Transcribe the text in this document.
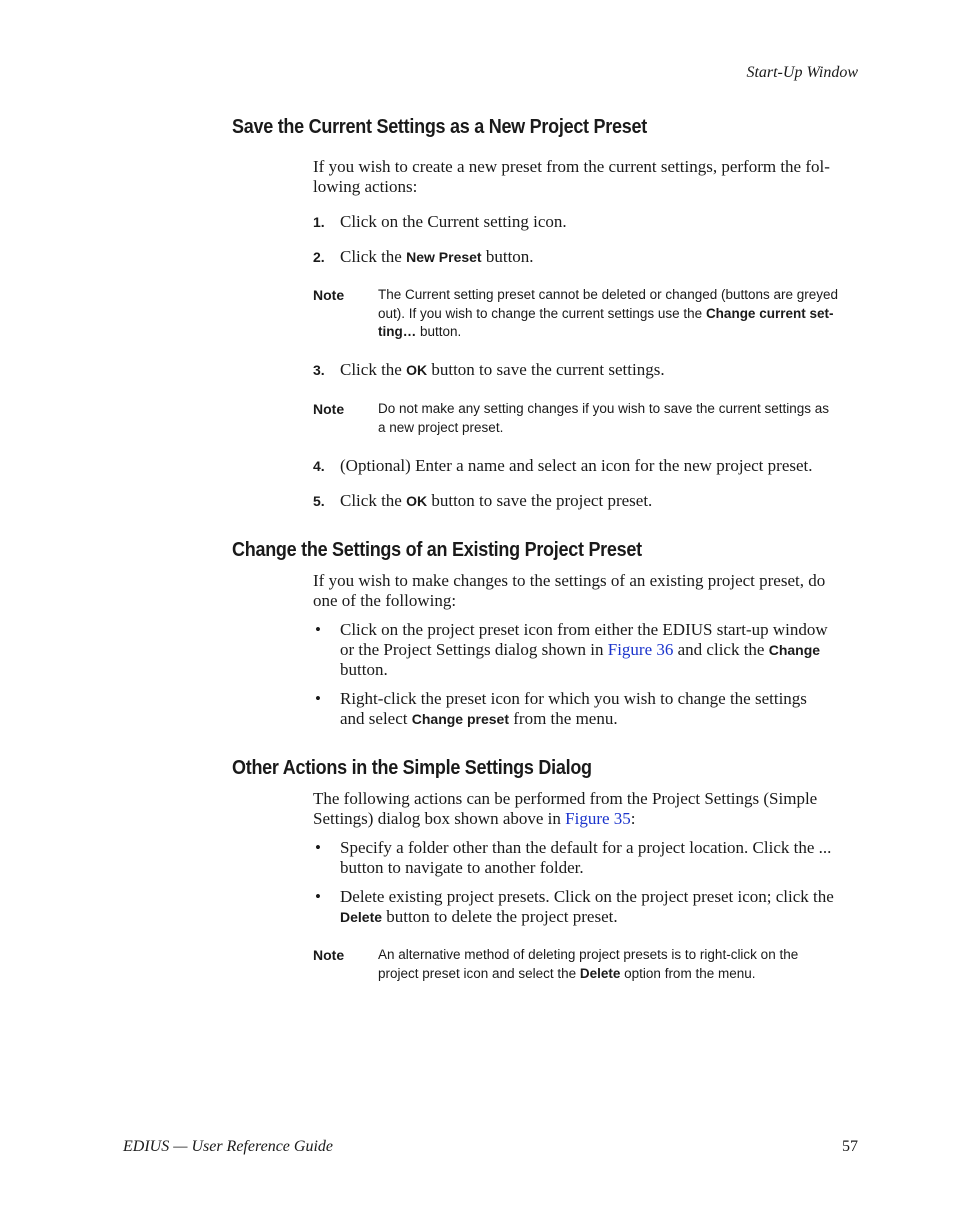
Start-Up Window
Save the Current Settings as a New Project Preset
If you wish to create a new preset from the current settings, perform the fol-
lowing actions:
1. Click on the Current setting icon.
2. Click the New Preset button.
Note	The Current setting preset cannot be deleted or changed (buttons are greyed
out). If you wish to change the current settings use the Change current set-
ting… button.
3. Click the OK button to save the current settings.
Note	Do not make any setting changes if you wish to save the current settings as
a new project preset.
4. (Optional) Enter a name and select an icon for the new project preset.
5. Click the OK button to save the project preset.
Change the Settings of an Existing Project Preset
If you wish to make changes to the settings of an existing project preset, do
one of the following:
• Click on the project preset icon from either the EDIUS start-up window
or the Project Settings dialog shown in Figure 36 and click the Change
button.
• Right-click the preset icon for which you wish to change the settings
and select Change preset from the menu.
Other Actions in the Simple Settings Dialog
The following actions can be performed from the Project Settings (Simple
Settings) dialog box shown above in Figure 35:
• Specify a folder other than the default for a project location. Click the ...
button to navigate to another folder.
• Delete existing project presets. Click on the project preset icon; click the
Delete button to delete the project preset.
Note	An alternative method of deleting project presets is to right-click on the
project preset icon and select the Delete option from the menu.
EDIUS — User Reference Guide	57
